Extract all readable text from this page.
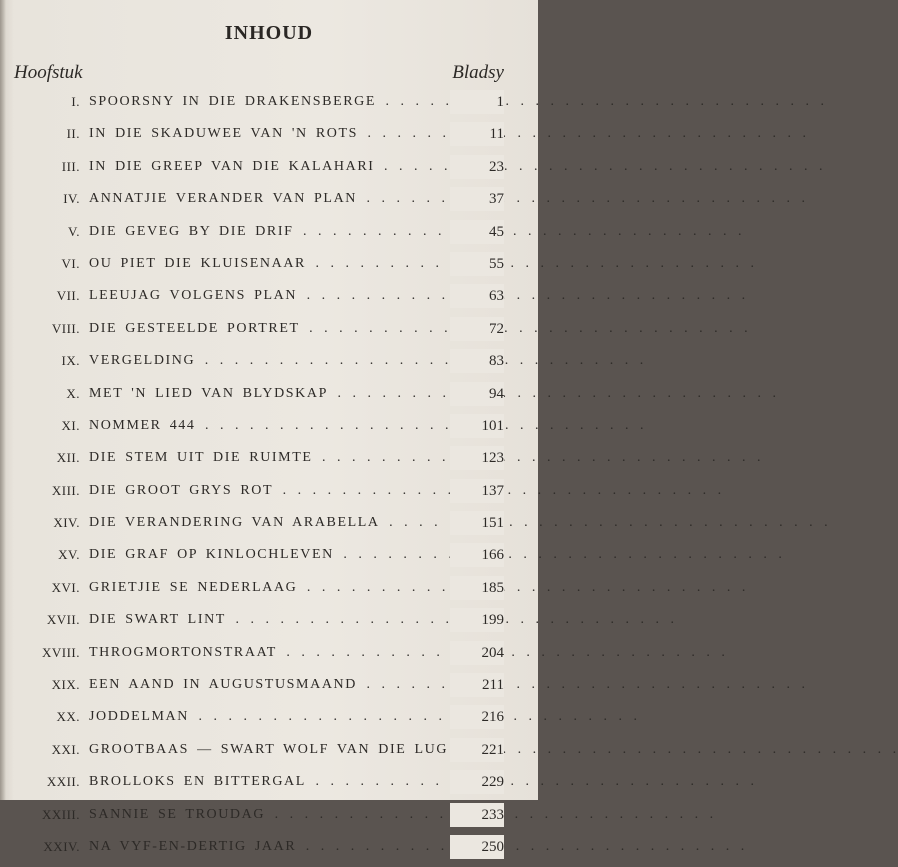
INHOUD
Hoofstuk	Bladsy
I. SPOORSNY IN DIE DRAKENSBERGE . .	1
II. IN DIE SKADUWEE VAN 'N ROTS . .	11
III. IN DIE GREEP VAN DIE KALAHARI . .	23
IV. ANNATJIE VERANDER VAN PLAN . .	37
V. DIE GEVEG BY DIE DRIF . .	45
VI. OU PIET DIE KLUISENAAR . .	55
VII. LEEUJAG VOLGENS PLAN . .	63
VIII. DIE GESTEELDE PORTRET . .	72
IX. VERGELDING . .	83
X. MET 'N LIED VAN BLYDSKAP . .	94
XI. NOMMER 444 . .	101
XII. DIE STEM UIT DIE RUIMTE . .	123
XIII. DIE GROOT GRYS ROT . .	137
XIV. DIE VERANDERING VAN ARABELLA . .	151
XV. DIE GRAF OP KINLOCHLEVEN . .	166
XVI. GRIETJIE SE NEDERLAAG . .	185
XVII. DIE SWART LINT . .	199
XVIII. THROGMORTONSTRAAT . .	204
XIX. EEN AAND IN AUGUSTUSMAAND . .	211
XX. JODDELMAN . .	216
XXI. GROOTBAAS — SWART WOLF VAN DIE LUG . .	221
XXII. BROLLOKS EN BITTERGAL . .	229
XXIII. SANNIE SE TROUDAG . .	233
XXIV. NA VYF-EN-DERTIG JAAR . .	250
